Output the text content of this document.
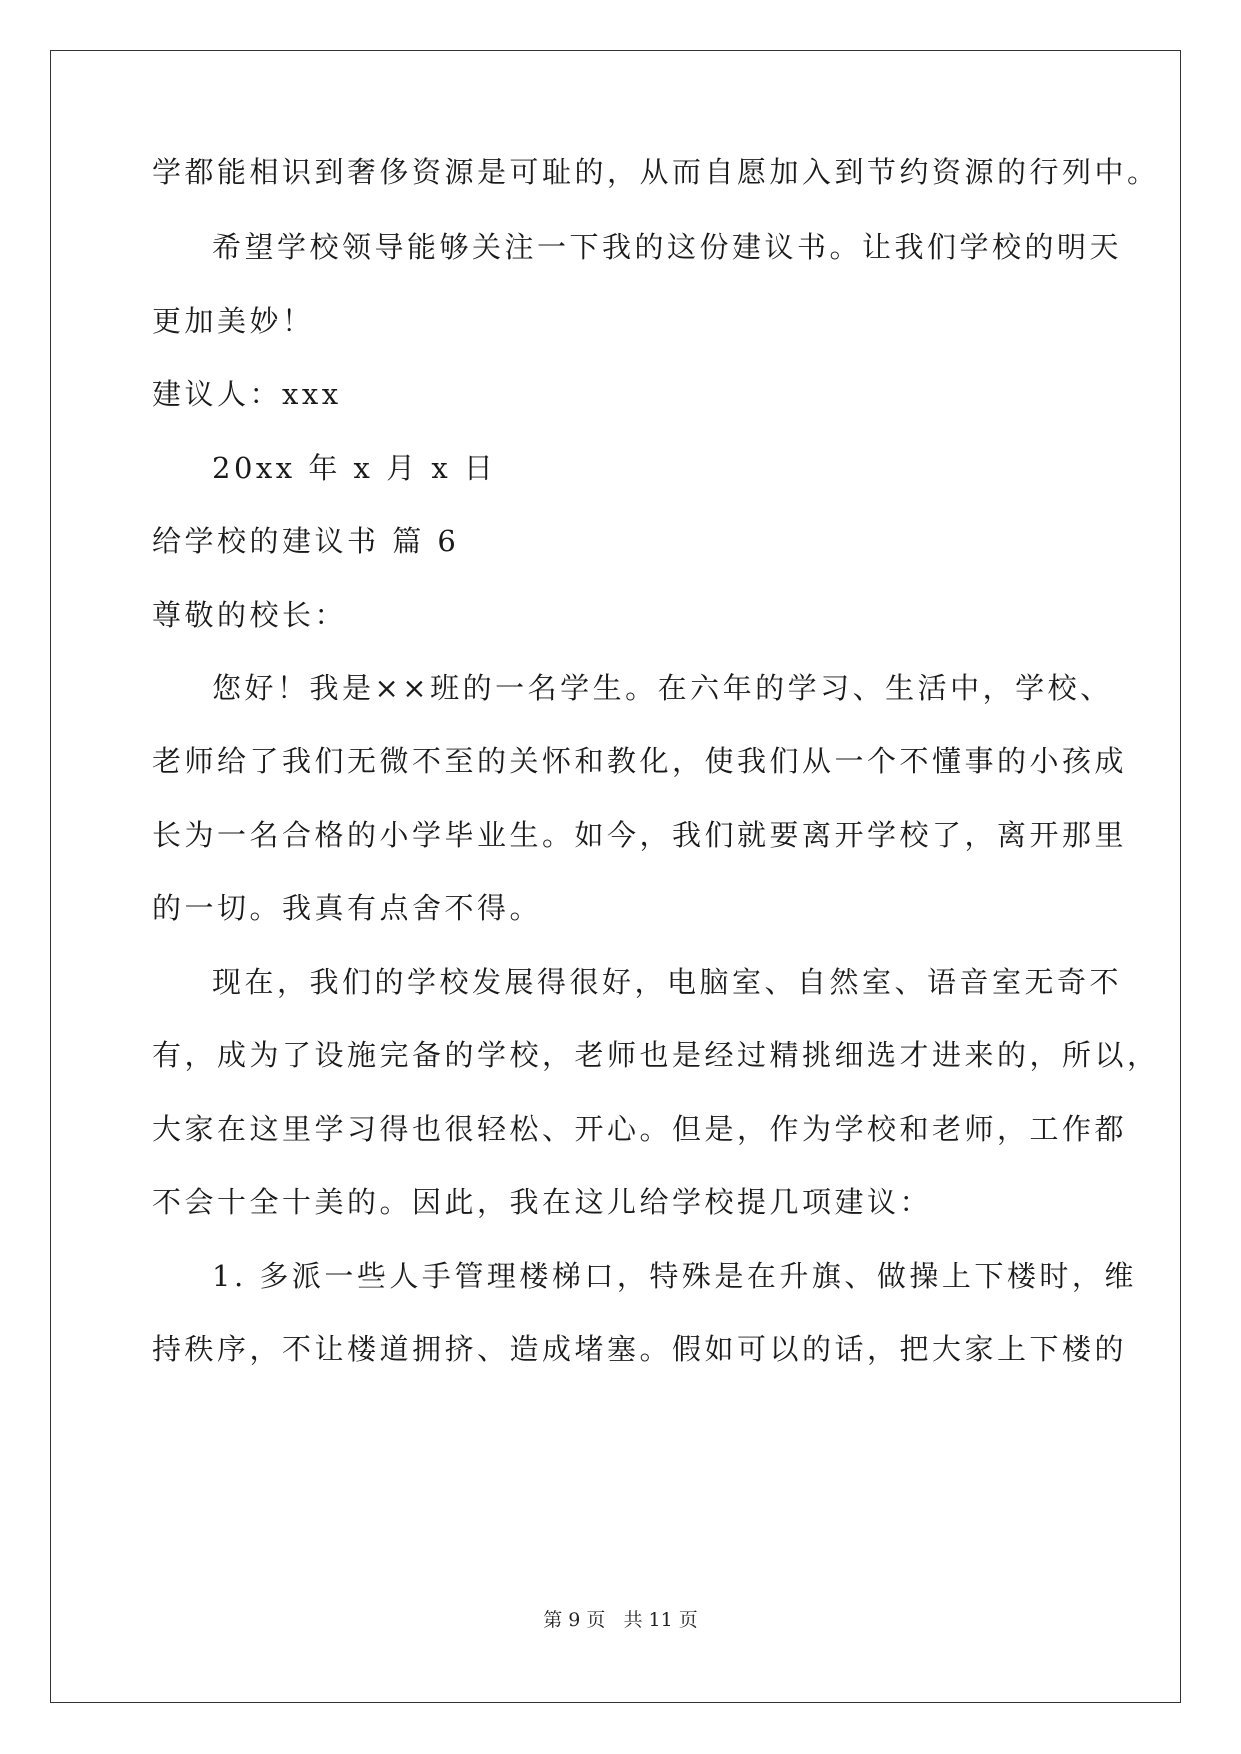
学都能相识到奢侈资源是可耻的，从而自愿加入到节约资源的行列中。
希望学校领导能够关注一下我的这份建议书。让我们学校的明天
更加美妙！
建议人：xxx
20xx 年 x 月 x 日
给学校的建议书 篇 6
尊敬的校长：
您好！我是××班的一名学生。在六年的学习、生活中，学校、
老师给了我们无微不至的关怀和教化，使我们从一个不懂事的小孩成
长为一名合格的小学毕业生。如今，我们就要离开学校了，离开那里
的一切。我真有点舍不得。
现在，我们的学校发展得很好，电脑室、自然室、语音室无奇不
有，成为了设施完备的学校，老师也是经过精挑细选才进来的，所以，
大家在这里学习得也很轻松、开心。但是，作为学校和老师，工作都
不会十全十美的。因此，我在这儿给学校提几项建议：
1. 多派一些人手管理楼梯口，特殊是在升旗、做操上下楼时，维
持秩序，不让楼道拥挤、造成堵塞。假如可以的话，把大家上下楼的
第 9 页 共 11 页
